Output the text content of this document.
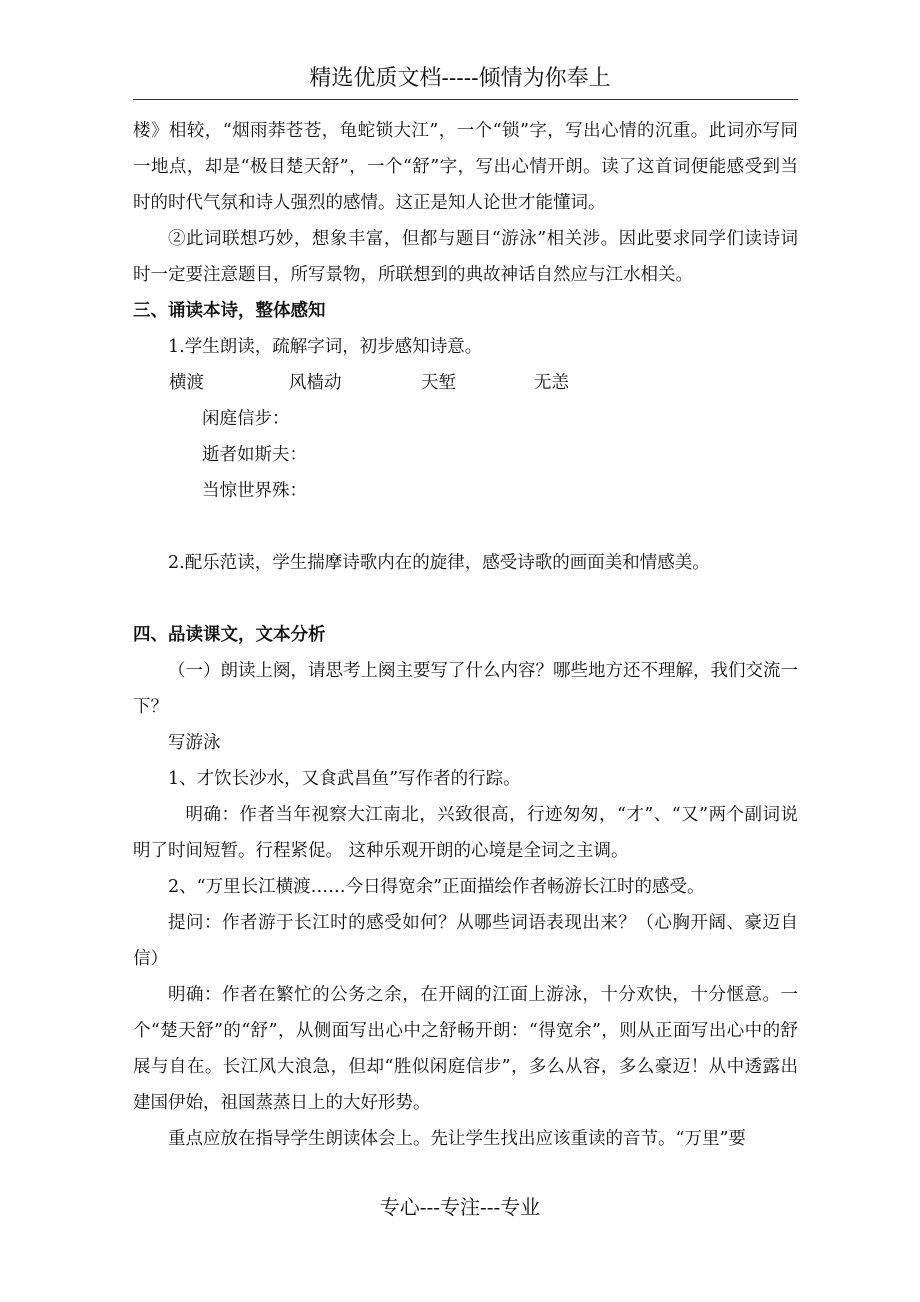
精选优质文档-----倾情为你奉上

楼》相较，“烟雨莽苍苍，龟蛇锁大江”，一个“锁”字，写出心情的沉重。此词亦写同一地点，却是“极目楚天舒”，一个“舒”字，写出心情开朗。读了这首词便能感受到当时的时代气氛和诗人强烈的感情。这正是知人论世才能懂词。

②此词联想巧妙，想象丰富，但都与题目“游泳”相关涉。因此要求同学们读诗词时一定要注意题目，所写景物，所联想到的典故神话自然应与江水相关。

三、诵读本诗，整体感知

1.学生朗读，疏解字词，初步感知诗意。

横渡	风樯动	天堑	无恙

闲庭信步：

逝者如斯夫：

当惊世界殊：

2.配乐范读，学生揣摩诗歌内在的旋律，感受诗歌的画面美和情感美。

四、品读课文，文本分析

（一）朗读上阕，请思考上阕主要写了什么内容？哪些地方还不理解，我们交流一下？

写游泳

1、才饮长沙水，又食武昌鱼”写作者的行踪。

明确：作者当年视察大江南北，兴致很高，行迹匆匆，“才”、“又”两个副词说明了时间短暂。行程紧促。 这种乐观开朗的心境是全词之主调。

2、“万里长江横渡……今日得宽余”正面描绘作者畅游长江时的感受。

提问：作者游于长江时的感受如何？从哪些词语表现出来？（心胸开阔、豪迈自信）

明确：作者在繁忙的公务之余，在开阔的江面上游泳，十分欢快，十分惬意。一个“楚天舒”的“舒”，从侧面写出心中之舒畅开朗：“得宽余”，则从正面写出心中的舒展与自在。长江风大浪急，但却“胜似闲庭信步”，多么从容，多么豪迈！从中透露出建国伊始，祖国蒸蒸日上的大好形势。

重点应放在指导学生朗读体会上。先让学生找出应该重读的音节。“万里”要

专心---专注---专业
